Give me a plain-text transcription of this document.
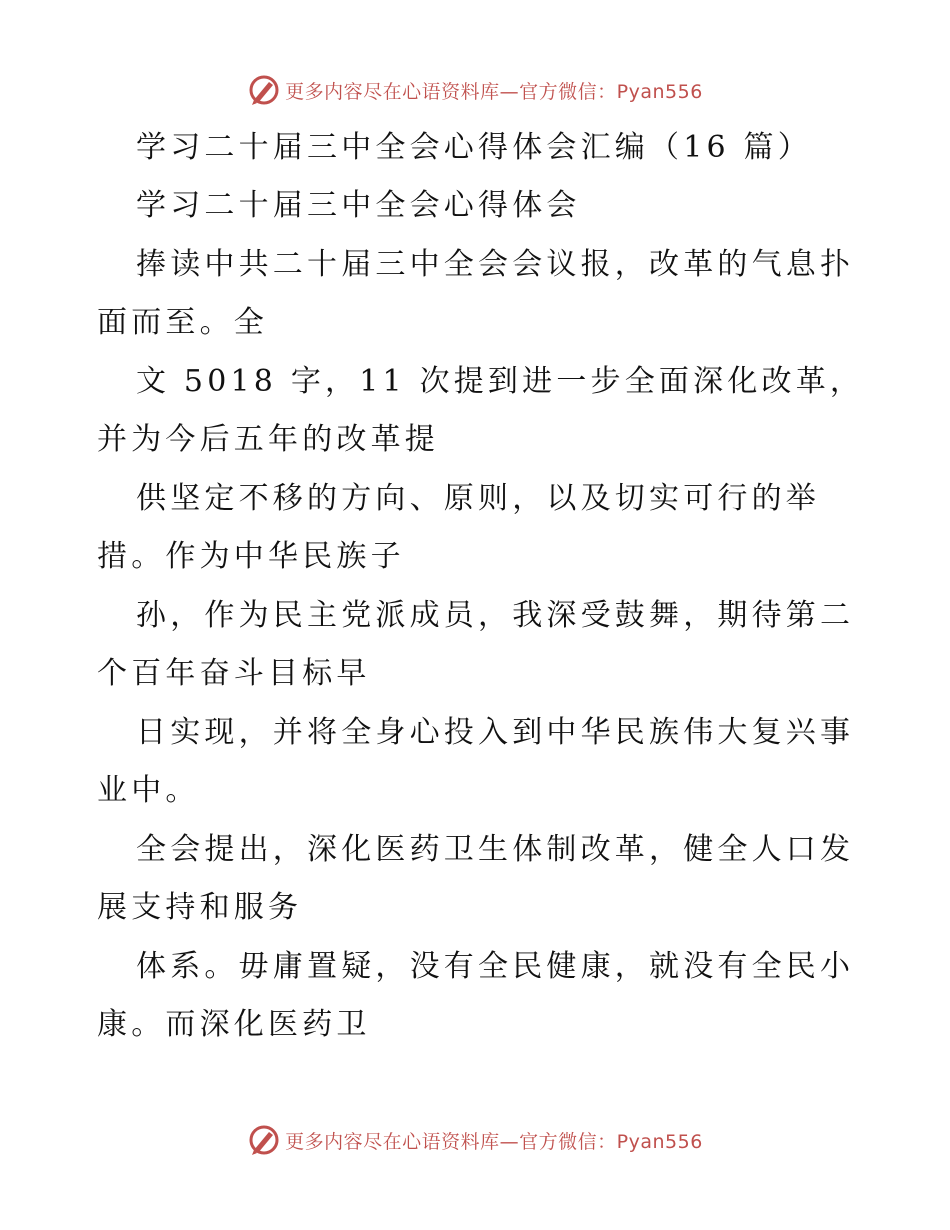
更多内容尽在心语资料库—官方微信：Pyan556
学习二十届三中全会心得体会汇编（16 篇）
学习二十届三中全会心得体会
捧读中共二十届三中全会会议报，改革的气息扑
面而至。全
文 5018 字，11 次提到进一步全面深化改革，
并为今后五年的改革提
供坚定不移的方向、原则，以及切实可行的举
措。作为中华民族子
孙，作为民主党派成员，我深受鼓舞，期待第二
个百年奋斗目标早
日实现，并将全身心投入到中华民族伟大复兴事
业中。
全会提出，深化医药卫生体制改革，健全人口发
展支持和服务
体系。毋庸置疑，没有全民健康，就没有全民小
康。而深化医药卫
更多内容尽在心语资料库—官方微信：Pyan556
